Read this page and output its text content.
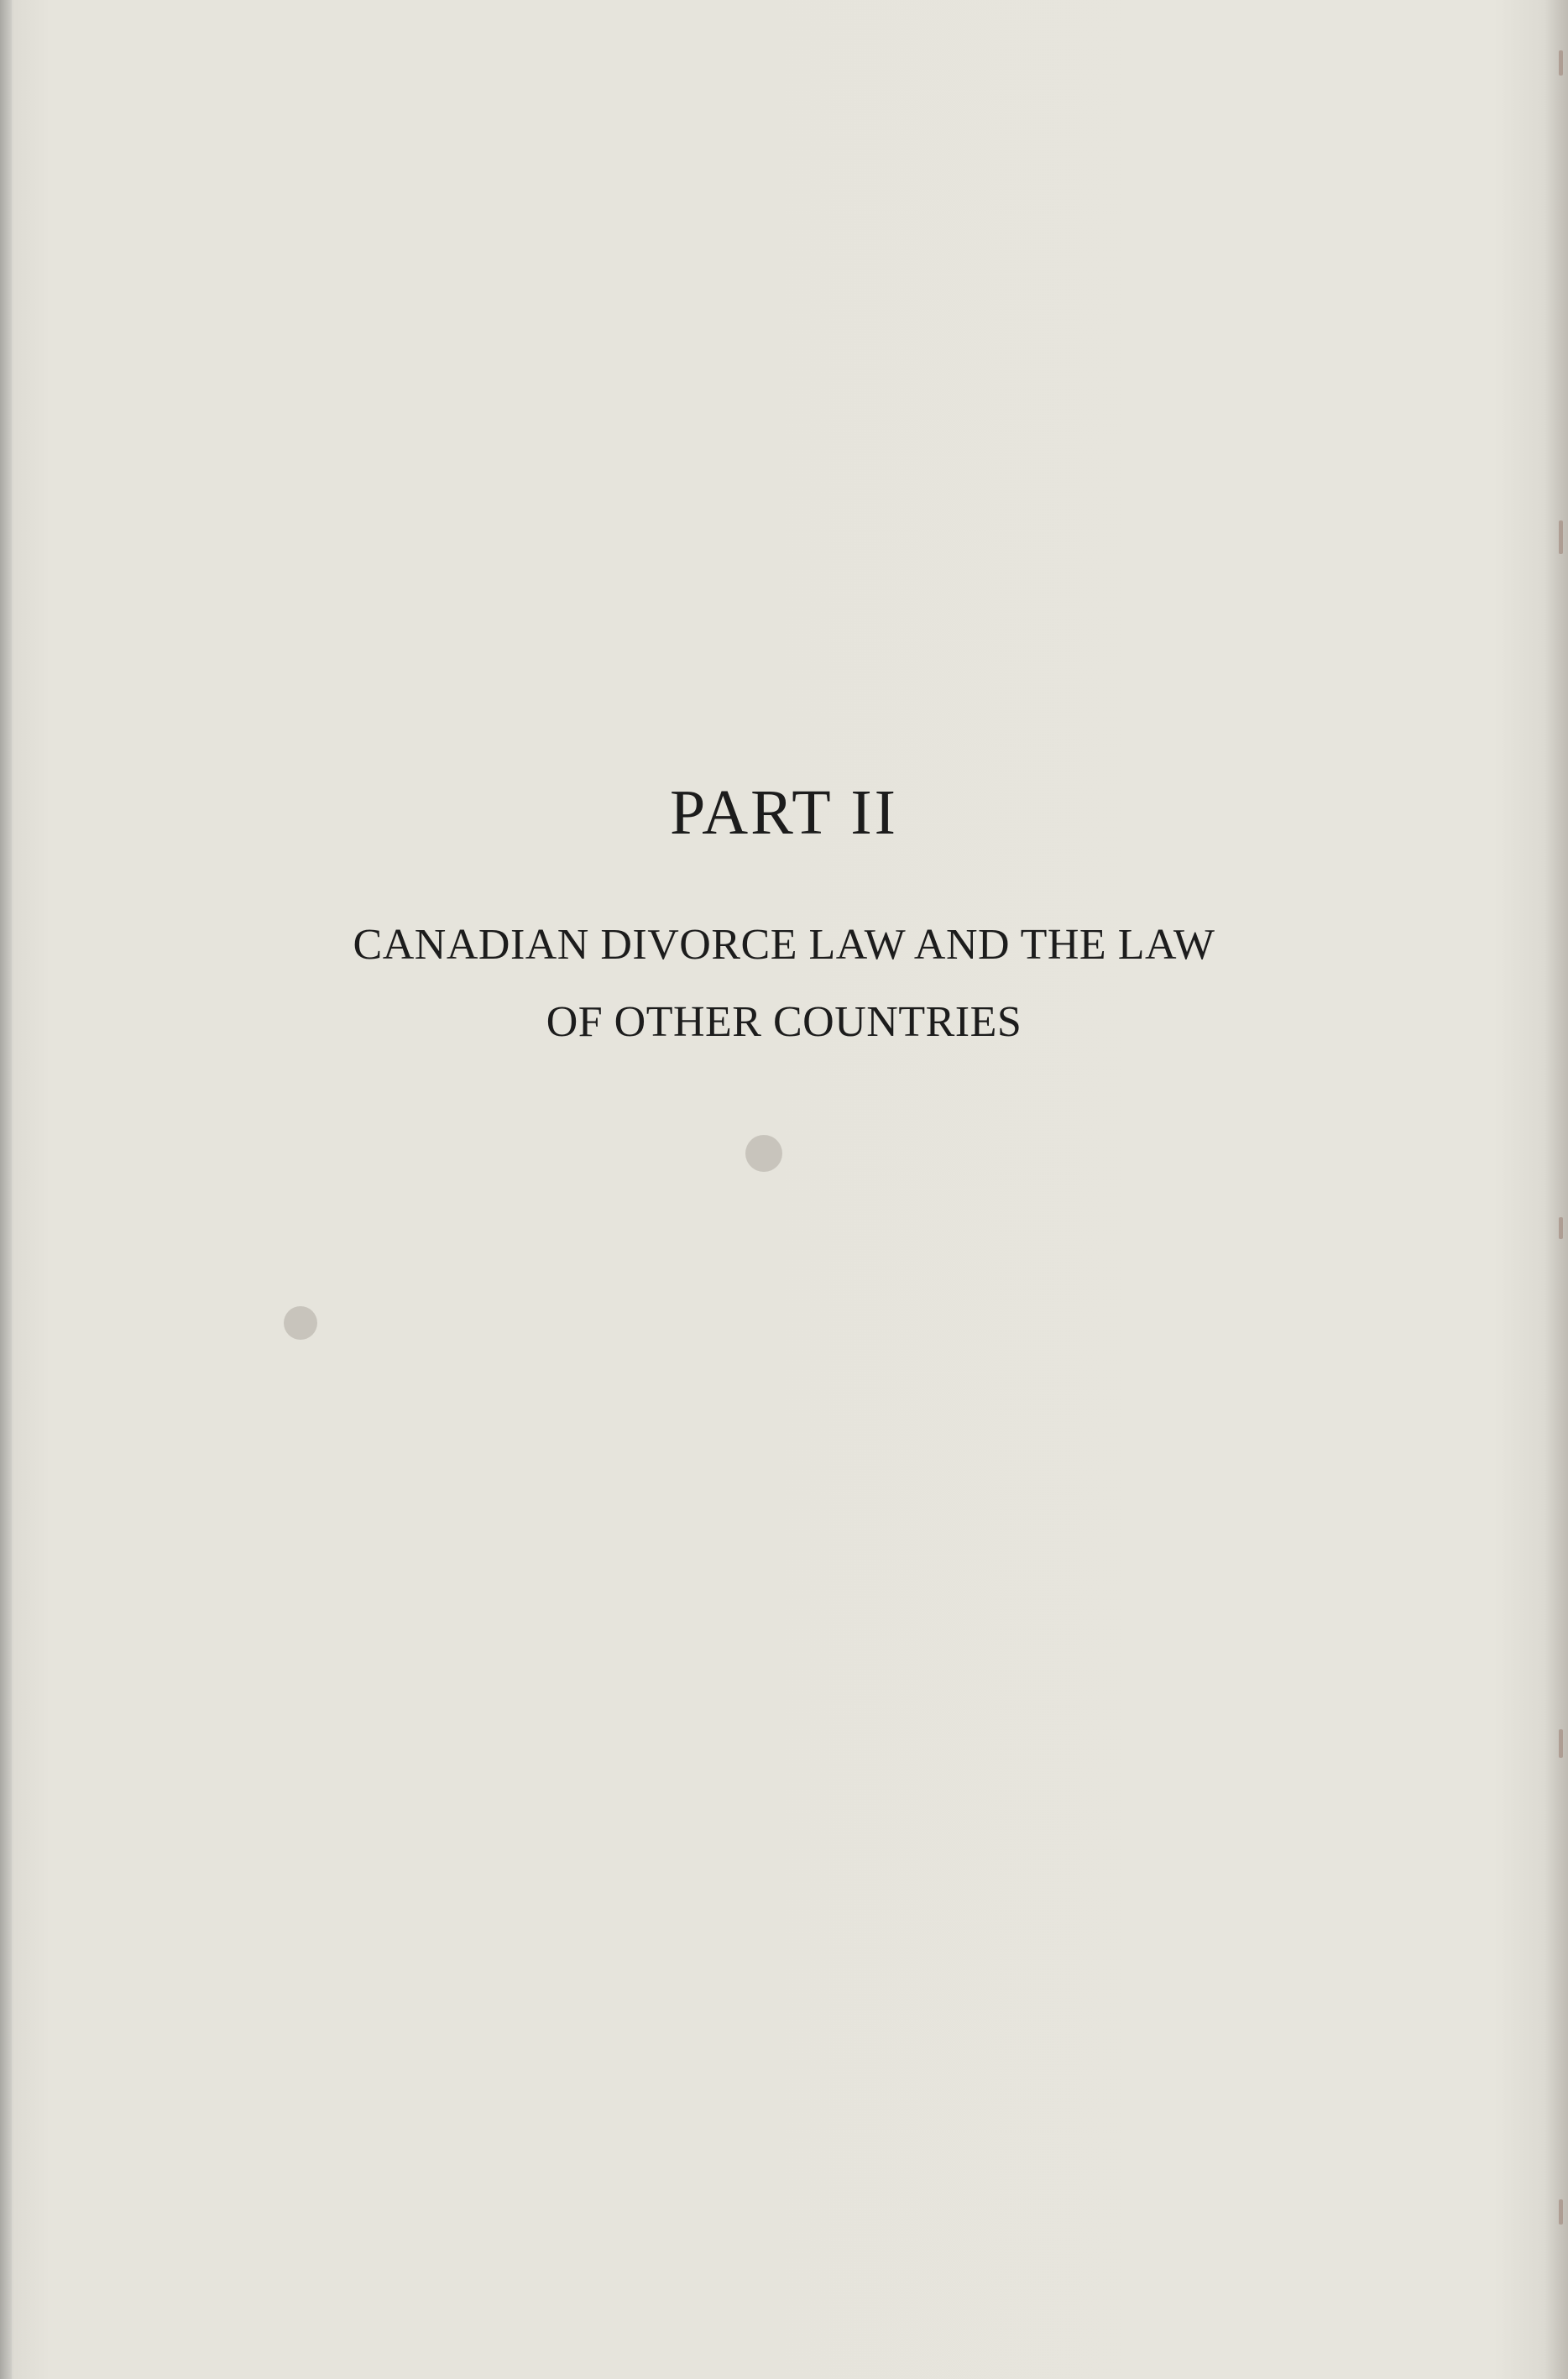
PART II
CANADIAN DIVORCE LAW AND THE LAW
OF OTHER COUNTRIES
